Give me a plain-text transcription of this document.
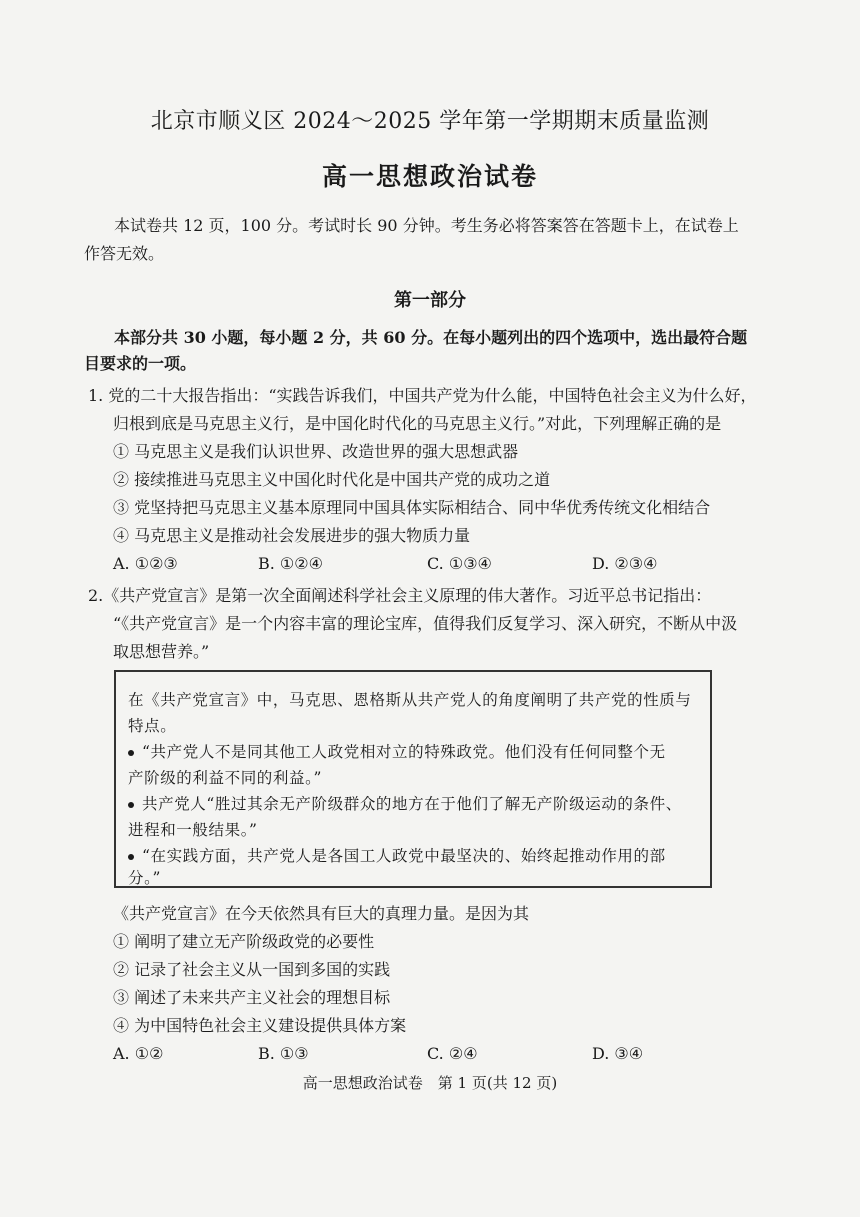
北京市顺义区 2024～2025 学年第一学期期末质量监测
高一思想政治试卷
本试卷共 12 页，100 分。考试时长 90 分钟。考生务必将答案答在答题卡上，在试卷上
作答无效。
第一部分
本部分共 30 小题，每小题 2 分，共 60 分。在每小题列出的四个选项中，选出最符合题
目要求的一项。
1. 党的二十大报告指出：“实践告诉我们，中国共产党为什么能，中国特色社会主义为什么好，
归根到底是马克思主义行，是中国化时代化的马克思主义行。”对此，下列理解正确的是
① 马克思主义是我们认识世界、改造世界的强大思想武器
② 接续推进马克思主义中国化时代化是中国共产党的成功之道
③ 党坚持把马克思主义基本原理同中国具体实际相结合、同中华优秀传统文化相结合
④ 马克思主义是推动社会发展进步的强大物质力量
A. ①②③	B. ①②④	C. ①③④	D. ②③④
2.《共产党宣言》是第一次全面阐述科学社会主义原理的伟大著作。习近平总书记指出：
“《共产党宣言》是一个内容丰富的理论宝库，值得我们反复学习、深入研究，不断从中汲
取思想营养。”
在《共产党宣言》中，马克思、恩格斯从共产党人的角度阐明了共产党的性质与
特点。
“共产党人不是同其他工人政党相对立的特殊政党。他们没有任何同整个无
产阶级的利益不同的利益。”
共产党人“胜过其余无产阶级群众的地方在于他们了解无产阶级运动的条件、
进程和一般结果。”
“在实践方面，共产党人是各国工人政党中最坚决的、始终起推动作用的部
分。”
《共产党宣言》在今天依然具有巨大的真理力量。是因为其
① 阐明了建立无产阶级政党的必要性
② 记录了社会主义从一国到多国的实践
③ 阐述了未来共产主义社会的理想目标
④ 为中国特色社会主义建设提供具体方案
A. ①②	B. ①③	C. ②④	D. ③④
高一思想政治试卷　第 1 页(共 12 页)
